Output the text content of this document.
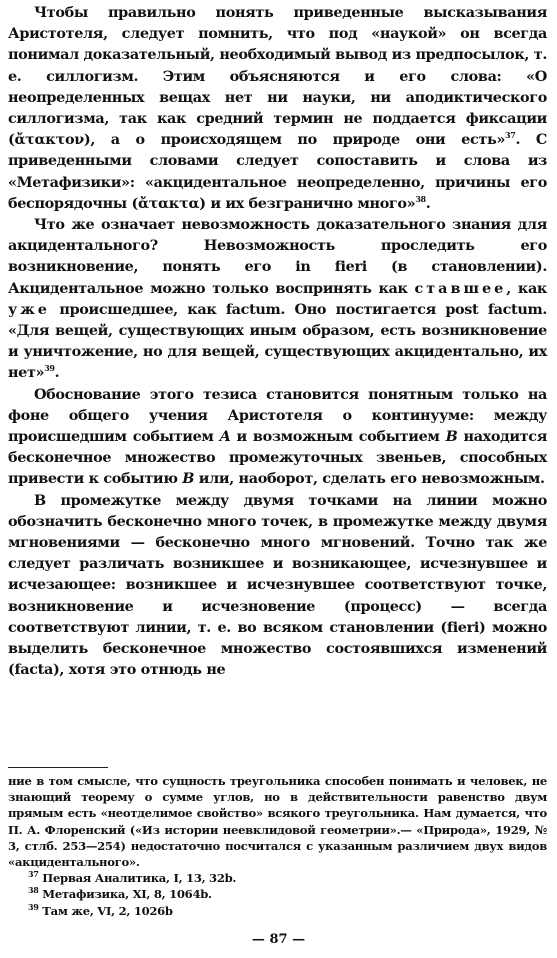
Чтобы правильно понять приведенные высказывания Аристотеля, следует помнить, что под «наукой» он всегда понимал доказательный, необходимый вывод из предпосылок, т. е. силлогизм. Этим объясняются и его слова: «О неопределенных вещах нет ни науки, ни аподиктического силлогизма, так как средний термин не поддается фиксации (ἄτακτον), а о происходящем по природе они есть»$^{37}$. С приведенными словами следует сопоставить и слова из «Метафизики»: «акцидентальное неопределенно, причины его беспорядочны (ἄτακτα) и их безгранично много»$^{38}$.

Что же означает невозможность доказательного знания для акцидентального? Невозможность проследить его возникновение, понять его in fieri (в становлении). Акцидентальное можно только воспринять как ставшее, как уже происшедшее, как factum. Оно постигается post factum. «Для вещей, существующих иным образом, есть возникновение и уничтожение, но для вещей, существующих акцидентально, их нет»$^{39}$.

Обоснование этого тезиса становится понятным только на фоне общего учения Аристотеля о континууме: между происшедшим событием A и возможным событием B находится бесконечное множество промежуточных звеньев, способных привести к событию B или, наоборот, сделать его невозможным.

В промежутке между двумя точками на линии можно обозначить бесконечно много точек, в промежутке между двумя мгновениями — бесконечно много мгновений. Точно так же следует различать возникшее и возникающее, исчезнувшее и исчезающее: возникшее и исчезнувшее соответствуют точке, возникновение и исчезновение (процесс) — всегда соответствуют линии, т. е. во всяком становлении (fieri) можно выделить бесконечное множество состоявшихся изменений (facta), хотя это отнюдь не

ние в том смысле, что сущность треугольника способен понимать и человек, не знающий теорему о сумме углов, но в действительности равенство двум прямым есть «неотделимое свойство» всякого треугольника. Нам думается, что П. А. Флоренский («Из истории неевклидовой геометрии».— «Природа», 1929, № 3, стлб. 253—254) недостаточно посчитался с указанным различием двух видов «акцидентального».

$^{37}$ Первая Аналитика, I, 13, 32b.

$^{38}$ Метафизика, XI, 8, 1064b.

$^{39}$ Там же, VI, 2, 1026b

— 87 —
